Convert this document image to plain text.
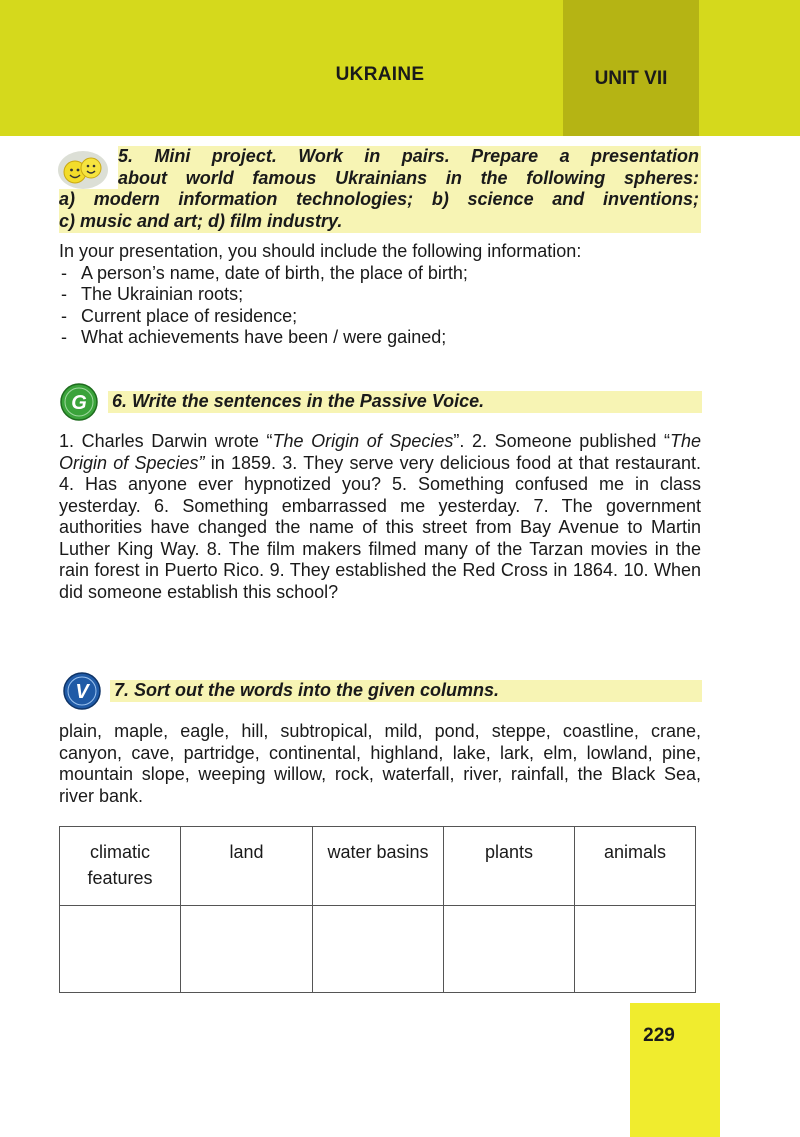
UKRAINE	UNIT VII
5. Mini project. Work in pairs. Prepare a presentation
about world famous Ukrainians in the following spheres:
a) modern information technologies; b) science and inventions;
c) music and art; d) film industry.

In your presentation, you should include the following information:

- A person’s name, date of birth, the place of birth;
- The Ukrainian roots;
- Current place of residence;
- What achievements have been / were gained;
G 6. Write the sentences in the Passive Voice.

1. Charles Darwin wrote “The Origin of Species”. 2. Someone published “The Origin of Species” in 1859. 3. They serve very delicious food at that restaurant. 4. Has anyone ever hypnotized you? 5. Something confused me in class yesterday. 6. Something embarrassed me yesterday. 7. The government authorities have changed the name of this street from Bay Avenue to Martin Luther King Way. 8. The film makers filmed many of the Tarzan movies in the rain forest in Puerto Rico. 9. They established the Red Cross in 1864. 10. When did someone establish this school?

V 7. Sort out the words into the given columns.

plain, maple, eagle, hill, subtropical, mild, pond, steppe, coastline, crane, canyon, cave, partridge, continental, highland, lake, lark, elm, lowland, pine, mountain slope, weeping willow, rock, waterfall, river, rainfall, the Black Sea, river bank.

climatic features	land	water basins	plants	animals

229
